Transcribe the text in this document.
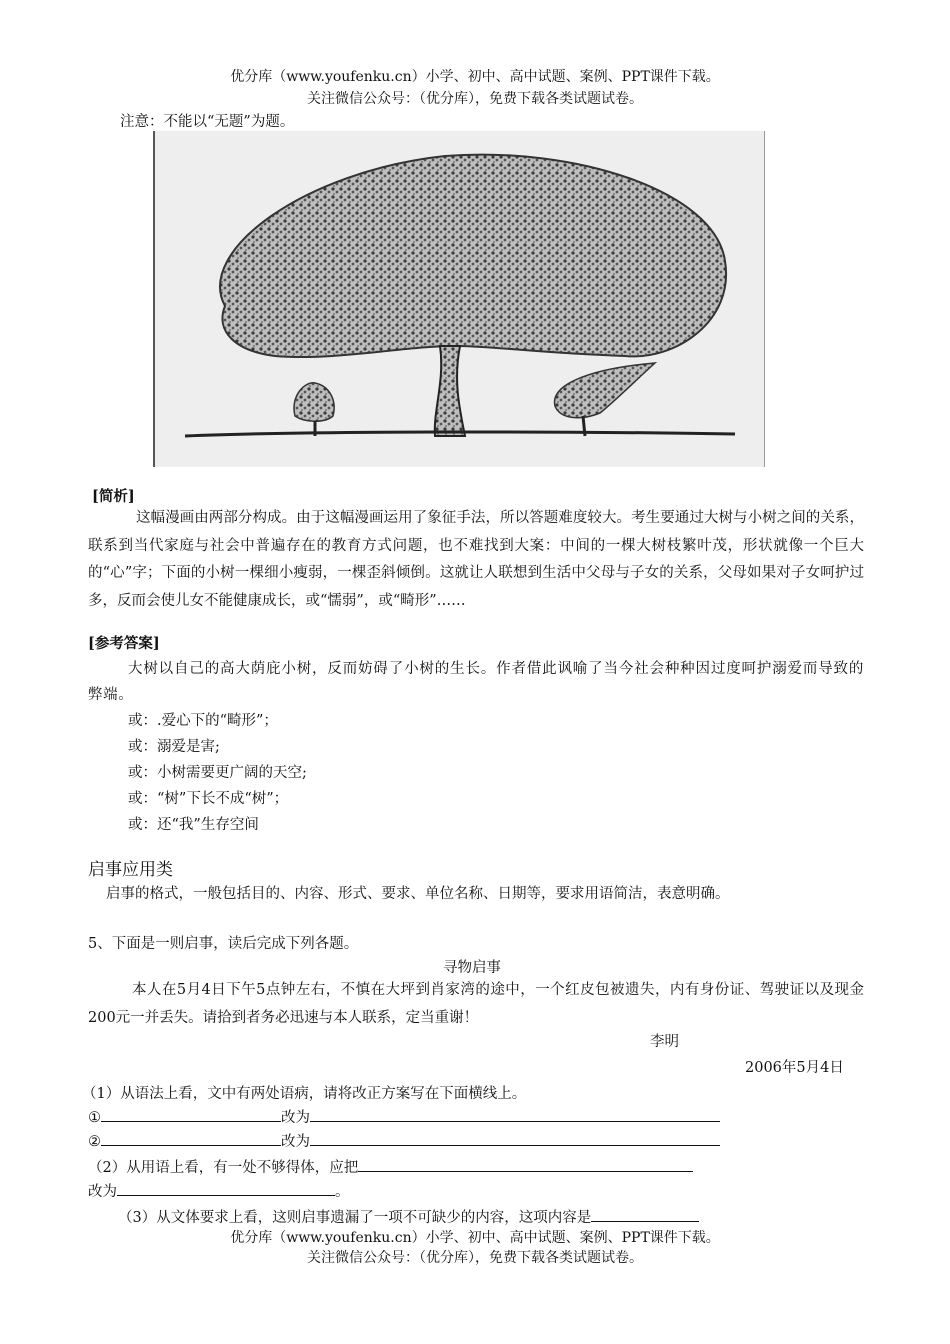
优分库（www.youfenku.cn）小学、初中、高中试题、案例、PPT课件下载。
关注微信公众号：（优分库），免费下载各类试题试卷。
注意：不能以“无题”为题。
[简析]
这幅漫画由两部分构成。由于这幅漫画运用了象征手法，所以答题难度较大。考生要通过大树与小树之间的关系，联系到当代家庭与社会中普遍存在的教育方式问题，也不难找到大案：中间的一棵大树枝繁叶茂，形状就像一个巨大的“心”字；下面的小树一棵细小瘦弱，一棵歪斜倾倒。这就让人联想到生活中父母与子女的关系，父母如果对子女呵护过多，反而会使儿女不能健康成长，或“懦弱”，或“畸形”……
[参考答案]
大树以自己的高大荫庇小树，反而妨碍了小树的生长。作者借此讽喻了当今社会种种因过度呵护溺爱而导致的弊端。
或：.爱心下的“畸形”；
或：溺爱是害;
或：小树需要更广阔的天空;
或：“树”下长不成“树”；
或：还“我”生存空间
启事应用类
启事的格式，一般包括目的、内容、形式、要求、单位名称、日期等，要求用语简洁，表意明确。
5、下面是一则启事，读后完成下列各题。
寻物启事
本人在5月4日下午5点钟左右，不慎在大坪到肖家湾的途中，一个红皮包被遗失，内有身份证、驾驶证以及现金200元一并丢失。请拾到者务必迅速与本人联系，定当重谢！
李明
2006年5月4日
（1）从语法上看，文中有两处语病，请将改正方案写在下面横线上。
①	改为
②	改为
（2）从用语上看，有一处不够得体，应把
改为	。
（3）从文体要求上看，这则启事遗漏了一项不可缺少的内容，这项内容是
优分库（www.youfenku.cn）小学、初中、高中试题、案例、PPT课件下载。
关注微信公众号：（优分库），免费下载各类试题试卷。
